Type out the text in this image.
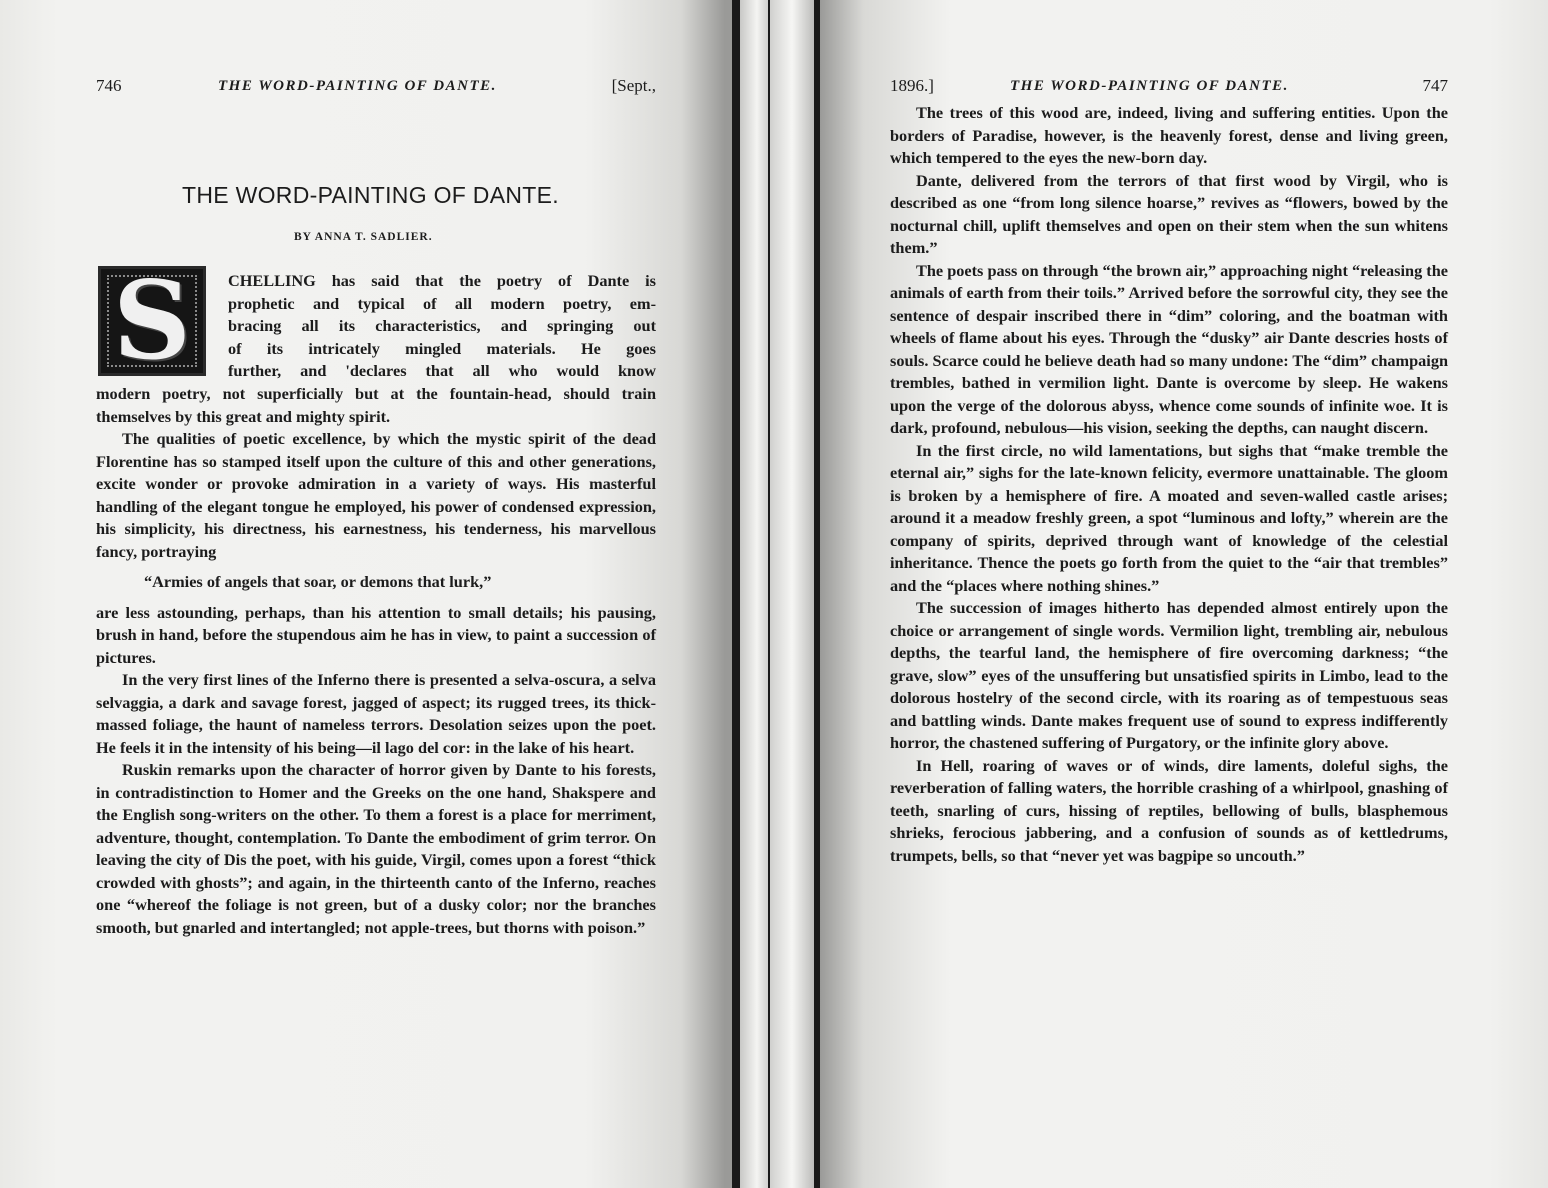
746	THE WORD-PAINTING OF DANTE.	[Sept.,
THE WORD-PAINTING OF DANTE.
BY ANNA T. SADLIER.
S CHELLING has said that the poetry of Dante is
prophetic and typical of all modern poetry, em-
bracing all its characteristics, and springing out
of its intricately mingled materials. He goes
further, and 'declares that all who would know

modern poetry, not superficially but at the fountain-head, should train themselves by this great and mighty spirit.

The qualities of poetic excellence, by which the mystic spirit of the dead Florentine has so stamped itself upon the culture of this and other generations, excite wonder or provoke admiration in a variety of ways. His masterful handling of the elegant tongue he employed, his power of condensed expression, his simplicity, his directness, his earnestness, his tenderness, his marvellous fancy, portraying

“Armies of angels that soar, or demons that lurk,”

are less astounding, perhaps, than his attention to small details; his pausing, brush in hand, before the stupendous aim he has in view, to paint a succession of pictures.

In the very first lines of the Inferno there is presented a selva-oscura, a selva selvaggia, a dark and savage forest, jagged of aspect; its rugged trees, its thick-massed foliage, the haunt of nameless terrors. Desolation seizes upon the poet. He feels it in the intensity of his being—il lago del cor: in the lake of his heart.

Ruskin remarks upon the character of horror given by Dante to his forests, in contradistinction to Homer and the Greeks on the one hand, Shakspere and the English song-writers on the other. To them a forest is a place for merriment, adventure, thought, contemplation. To Dante the embodiment of grim terror. On leaving the city of Dis the poet, with his guide, Virgil, comes upon a forest “thick crowded with ghosts”; and again, in the thirteenth canto of the Inferno, reaches one “whereof the foliage is not green, but of a dusky color; nor the branches smooth, but gnarled and intertangled; not apple-trees, but thorns with poison.”

1896.]	THE WORD-PAINTING OF DANTE.	747

The trees of this wood are, indeed, living and suffering entities. Upon the borders of Paradise, however, is the heavenly forest, dense and living green, which tempered to the eyes the new-born day.

Dante, delivered from the terrors of that first wood by Virgil, who is described as one “from long silence hoarse,” revives as “flowers, bowed by the nocturnal chill, uplift themselves and open on their stem when the sun whitens them.”

The poets pass on through “the brown air,” approaching night “releasing the animals of earth from their toils.” Arrived before the sorrowful city, they see the sentence of despair inscribed there in “dim” coloring, and the boatman with wheels of flame about his eyes. Through the “dusky” air Dante descries hosts of souls. Scarce could he believe death had so many undone: The “dim” champaign trembles, bathed in vermilion light. Dante is overcome by sleep. He wakens upon the verge of the dolorous abyss, whence come sounds of infinite woe. It is dark, profound, nebulous—his vision, seeking the depths, can naught discern.

In the first circle, no wild lamentations, but sighs that “make tremble the eternal air,” sighs for the late-known felicity, evermore unattainable. The gloom is broken by a hemisphere of fire. A moated and seven-walled castle arises; around it a meadow freshly green, a spot “luminous and lofty,” wherein are the company of spirits, deprived through want of knowledge of the celestial inheritance. Thence the poets go forth from the quiet to the “air that trembles” and the “places where nothing shines.”

The succession of images hitherto has depended almost entirely upon the choice or arrangement of single words. Vermilion light, trembling air, nebulous depths, the tearful land, the hemisphere of fire overcoming darkness; “the grave, slow” eyes of the unsuffering but unsatisfied spirits in Limbo, lead to the dolorous hostelry of the second circle, with its roaring as of tempestuous seas and battling winds. Dante makes frequent use of sound to express indifferently horror, the chastened suffering of Purgatory, or the infinite glory above.

In Hell, roaring of waves or of winds, dire laments, doleful sighs, the reverberation of falling waters, the horrible crashing of a whirlpool, gnashing of teeth, snarling of curs, hissing of reptiles, bellowing of bulls, blasphemous shrieks, ferocious jabbering, and a confusion of sounds as of kettledrums, trumpets, bells, so that “never yet was bagpipe so uncouth.”
